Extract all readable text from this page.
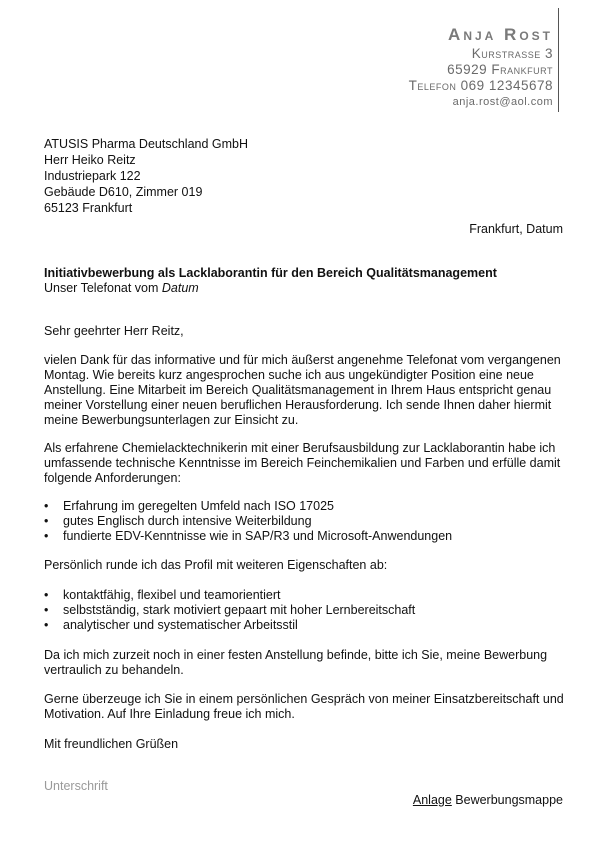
Anja Rost
Kurstrasse 3
65929 Frankfurt
Telefon 069 12345678
anja.rost@aol.com
ATUSIS Pharma Deutschland GmbH
Herr Heiko Reitz
Industriepark 122
Gebäude D610, Zimmer 019
65123 Frankfurt
Frankfurt, Datum
Initiativbewerbung als Lacklaborantin für den Bereich Qualitätsmanagement
Unser Telefonat vom Datum
Sehr geehrter Herr Reitz,

vielen Dank für das informative und für mich äußerst angenehme Telefonat vom vergangenen Montag. Wie bereits kurz angesprochen suche ich aus ungekündigter Position eine neue Anstellung. Eine Mitarbeit im Bereich Qualitätsmanagement in Ihrem Haus entspricht genau meiner Vorstellung einer neuen beruflichen Herausforderung. Ich sende Ihnen daher hiermit meine Bewerbungsunterlagen zur Einsicht zu.

Als erfahrene Chemielacktechnikerin mit einer Berufsausbildung zur Lacklaborantin habe ich umfassende technische Kenntnisse im Bereich Feinchemikalien und Farben und erfülle damit folgende Anforderungen:

• Erfahrung im geregelten Umfeld nach ISO 17025
• gutes Englisch durch intensive Weiterbildung
• fundierte EDV-Kenntnisse wie in SAP/R3 und Microsoft-Anwendungen
Persönlich runde ich das Profil mit weiteren Eigenschaften ab:
• kontaktfähig, flexibel und teamorientiert
• selbstständig, stark motiviert gepaart mit hoher Lernbereitschaft
• analytischer und systematischer Arbeitsstil
Da ich mich zurzeit noch in einer festen Anstellung befinde, bitte ich Sie, meine Bewerbung vertraulich zu behandeln.
Gerne überzeuge ich Sie in einem persönlichen Gespräch von meiner Einsatzbereitschaft und Motivation. Auf Ihre Einladung freue ich mich.
Mit freundlichen Grüßen
Unterschrift
Anlage Bewerbungsmappe
